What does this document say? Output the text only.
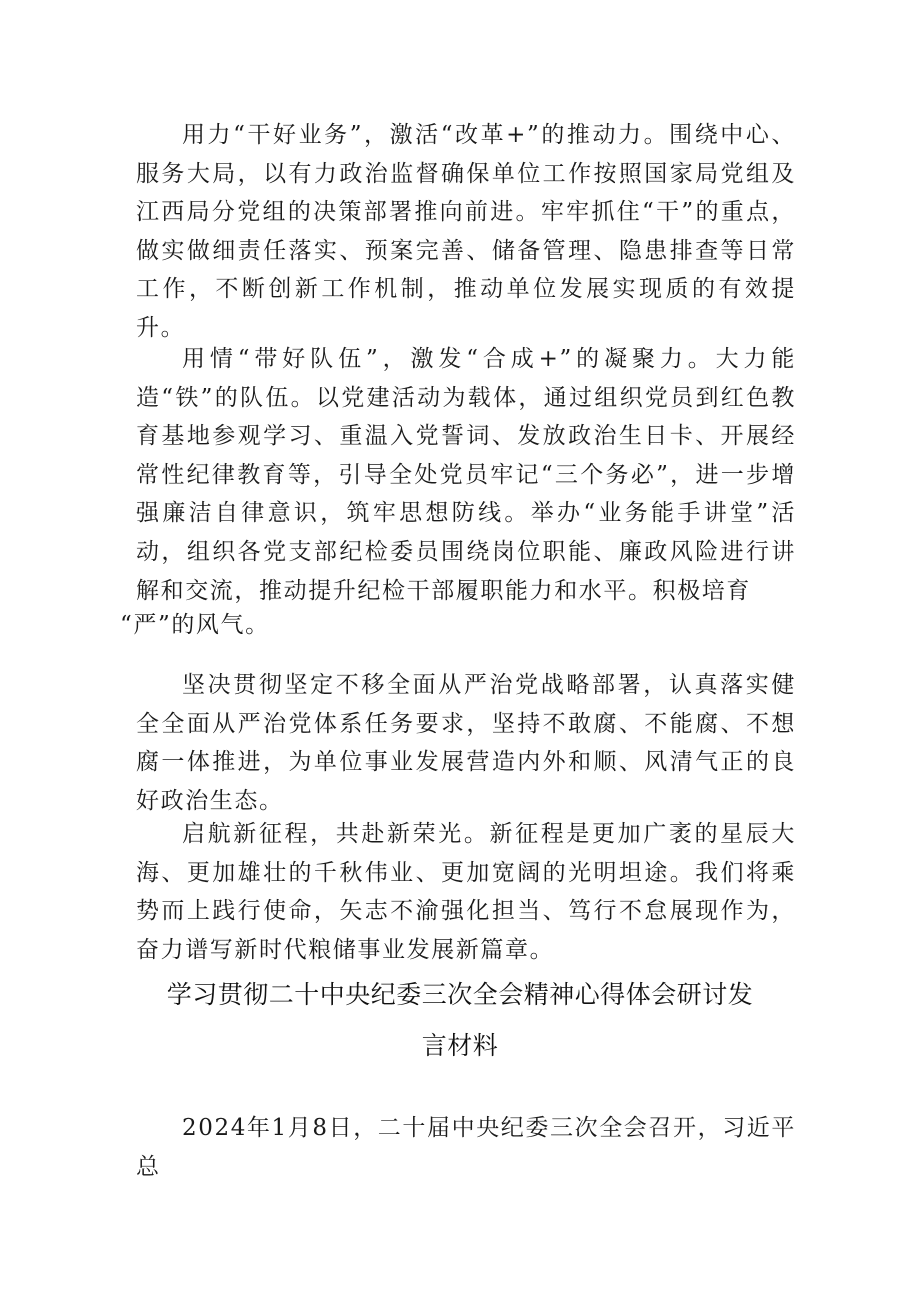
用力“干好业务”，激活“改革+”的推动力。围绕中心、服务大局，以有力政治监督确保单位工作按照国家局党组及江西局分党组的决策部署推向前进。牢牢抓住“干”的重点，做实做细责任落实、预案完善、储备管理、隐患排查等日常工作，不断创新工作机制，推动单位发展实现质的有效提升。

用情“带好队伍”，激发“合成+”的凝聚力。大力能造“铁”的队伍。以党建活动为载体，通过组织党员到红色教育基地参观学习、重温入党誓词、发放政治生日卡、开展经常性纪律教育等，引导全处党员牢记“三个务必”，进一步增强廉洁自律意识，筑牢思想防线。举办“业务能手讲堂”活动，组织各党支部纪检委员围绕岗位职能、廉政风险进行讲解和交流，推动提升纪检干部履职能力和水平。积极培育

“严”的风气。

坚决贯彻坚定不移全面从严治党战略部署，认真落实健全全面从严治党体系任务要求，坚持不敢腐、不能腐、不想腐一体推进，为单位事业发展营造内外和顺、风清气正的良好政治生态。

启航新征程，共赴新荣光。新征程是更加广袤的星辰大海、更加雄壮的千秋伟业、更加宽阔的光明坦途。我们将乘势而上践行使命，矢志不渝强化担当、笃行不怠展现作为，奋力谱写新时代粮储事业发展新篇章。

学习贯彻二十中央纪委三次全会精神心得体会研讨发

言材料

2024年1月8日，二十届中央纪委三次全会召开，习近平总
